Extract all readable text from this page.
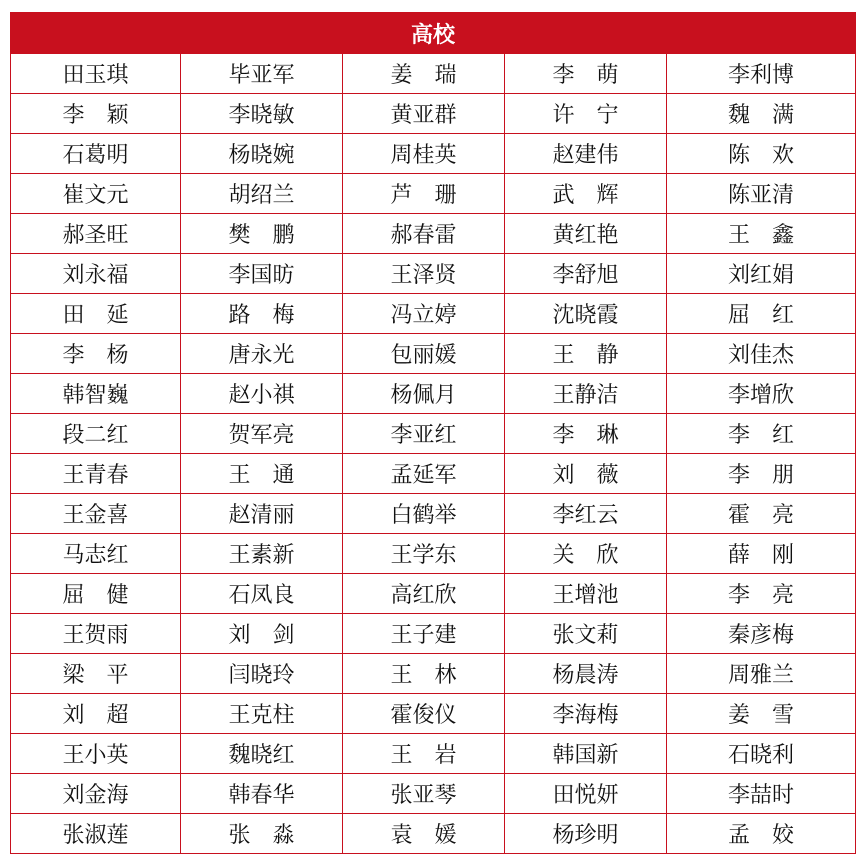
高校				
田玉琪	毕亚军	姜　瑞	李　萌	李利博
李　颖	李晓敏	黄亚群	许　宁	魏　满
石葛明	杨晓婉	周桂英	赵建伟	陈　欢
崔文元	胡绍兰	芦　珊	武　辉	陈亚清
郝圣旺	樊　鹏	郝春雷	黄红艳	王　鑫
刘永福	李国昉	王泽贤	李舒旭	刘红娟
田　延	路　梅	冯立婷	沈晓霞	屈　红
李　杨	唐永光	包丽媛	王　静	刘佳杰
韩智巍	赵小祺	杨佩月	王静洁	李增欣
段二红	贺军亮	李亚红	李　琳	李　红
王青春	王　通	孟延军	刘　薇	李　朋
王金喜	赵清丽	白鹤举	李红云	霍　亮
马志红	王素新	王学东	关　欣	薛　刚
屈　健	石凤良	高红欣	王增池	李　亮
王贺雨	刘　剑	王子建	张文莉	秦彦梅
梁　平	闫晓玲	王　林	杨晨涛	周雅兰
刘　超	王克柱	霍俊仪	李海梅	姜　雪
王小英	魏晓红	王　岩	韩国新	石晓利
刘金海	韩春华	张亚琴	田悦妍	李喆时
张淑莲	张　淼	袁　媛	杨珍明	孟　姣
